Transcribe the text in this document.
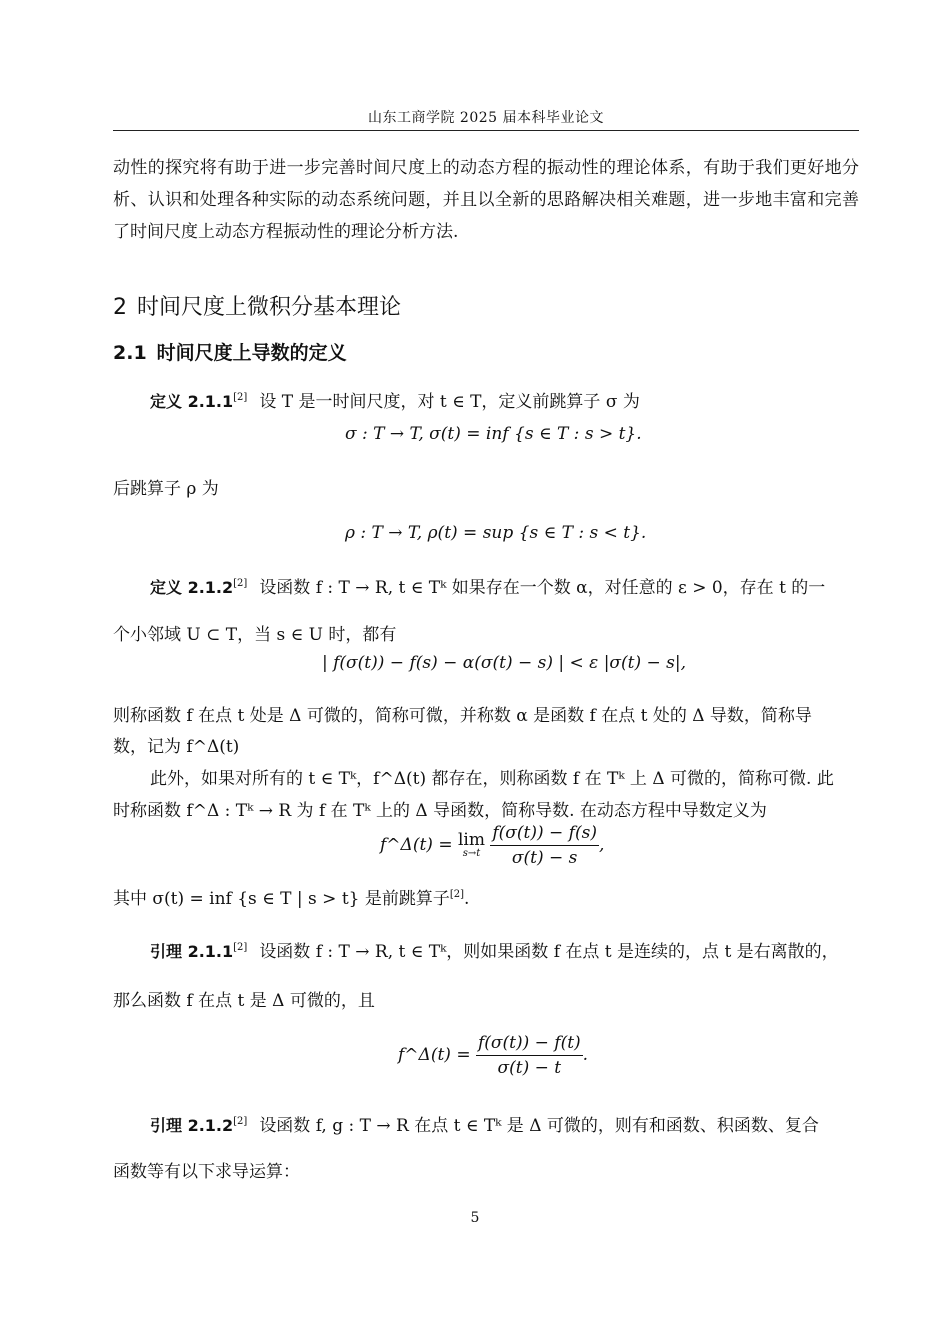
山东工商学院 2025 届本科毕业论文
动性的探究将有助于进一步完善时间尺度上的动态方程的振动性的理论体系，有助于我们更好地分析、认识和处理各种实际的动态系统问题，并且以全新的思路解决相关难题，进一步地丰富和完善了时间尺度上动态方程振动性的理论分析方法.
2 时间尺度上微积分基本理论
2.1 时间尺度上导数的定义
定义 2.1.1[2] 设 T 是一时间尺度，对 t ∈ T，定义前跳算子 σ 为
σ : T → T, σ(t) = inf {s ∈ T : s > t}.
后跳算子 ρ 为
ρ : T → T, ρ(t) = sup {s ∈ T : s < t}.
定义 2.1.2[2] 设函数 f : T → R, t ∈ Tᵏ 如果存在一个数 α，对任意的 ε > 0，存在 t 的一
个小邻域 U ⊂ T，当 s ∈ U 时，都有
| f(σ(t)) − f(s) − α(σ(t) − s) | < ε |σ(t) − s|,
则称函数 f 在点 t 处是 Δ 可微的，简称可微，并称数 α 是函数 f 在点 t 处的 Δ 导数，简称导
数，记为 f^Δ(t)
此外，如果对所有的 t ∈ Tᵏ，f^Δ(t) 都存在，则称函数 f 在 Tᵏ 上 Δ 可微的，简称可微. 此
时称函数 f^Δ : Tᵏ → R 为 f 在 Tᵏ 上的 Δ 导函数，简称导数. 在动态方程中导数定义为
f^Δ(t) = lim
s→t
$\frac{f(\sigma(t)) - f(s)}{\sigma(t) - s}$ ,
其中 σ(t) = inf {s ∈ T | s > t} 是前跳算子[2].
引理 2.1.1[2] 设函数 f : T → R, t ∈ Tᵏ，则如果函数 f 在点 t 是连续的，点 t 是右离散的，
那么函数 f 在点 t 是 Δ 可微的，且
f^Δ(t) = $\frac{f(\sigma(t)) - f(t)}{\sigma(t) - t}$ .
引理 2.1.2[2] 设函数 f, g : T → R 在点 t ∈ Tᵏ 是 Δ 可微的，则有和函数、积函数、复合
函数等有以下求导运算：
5
